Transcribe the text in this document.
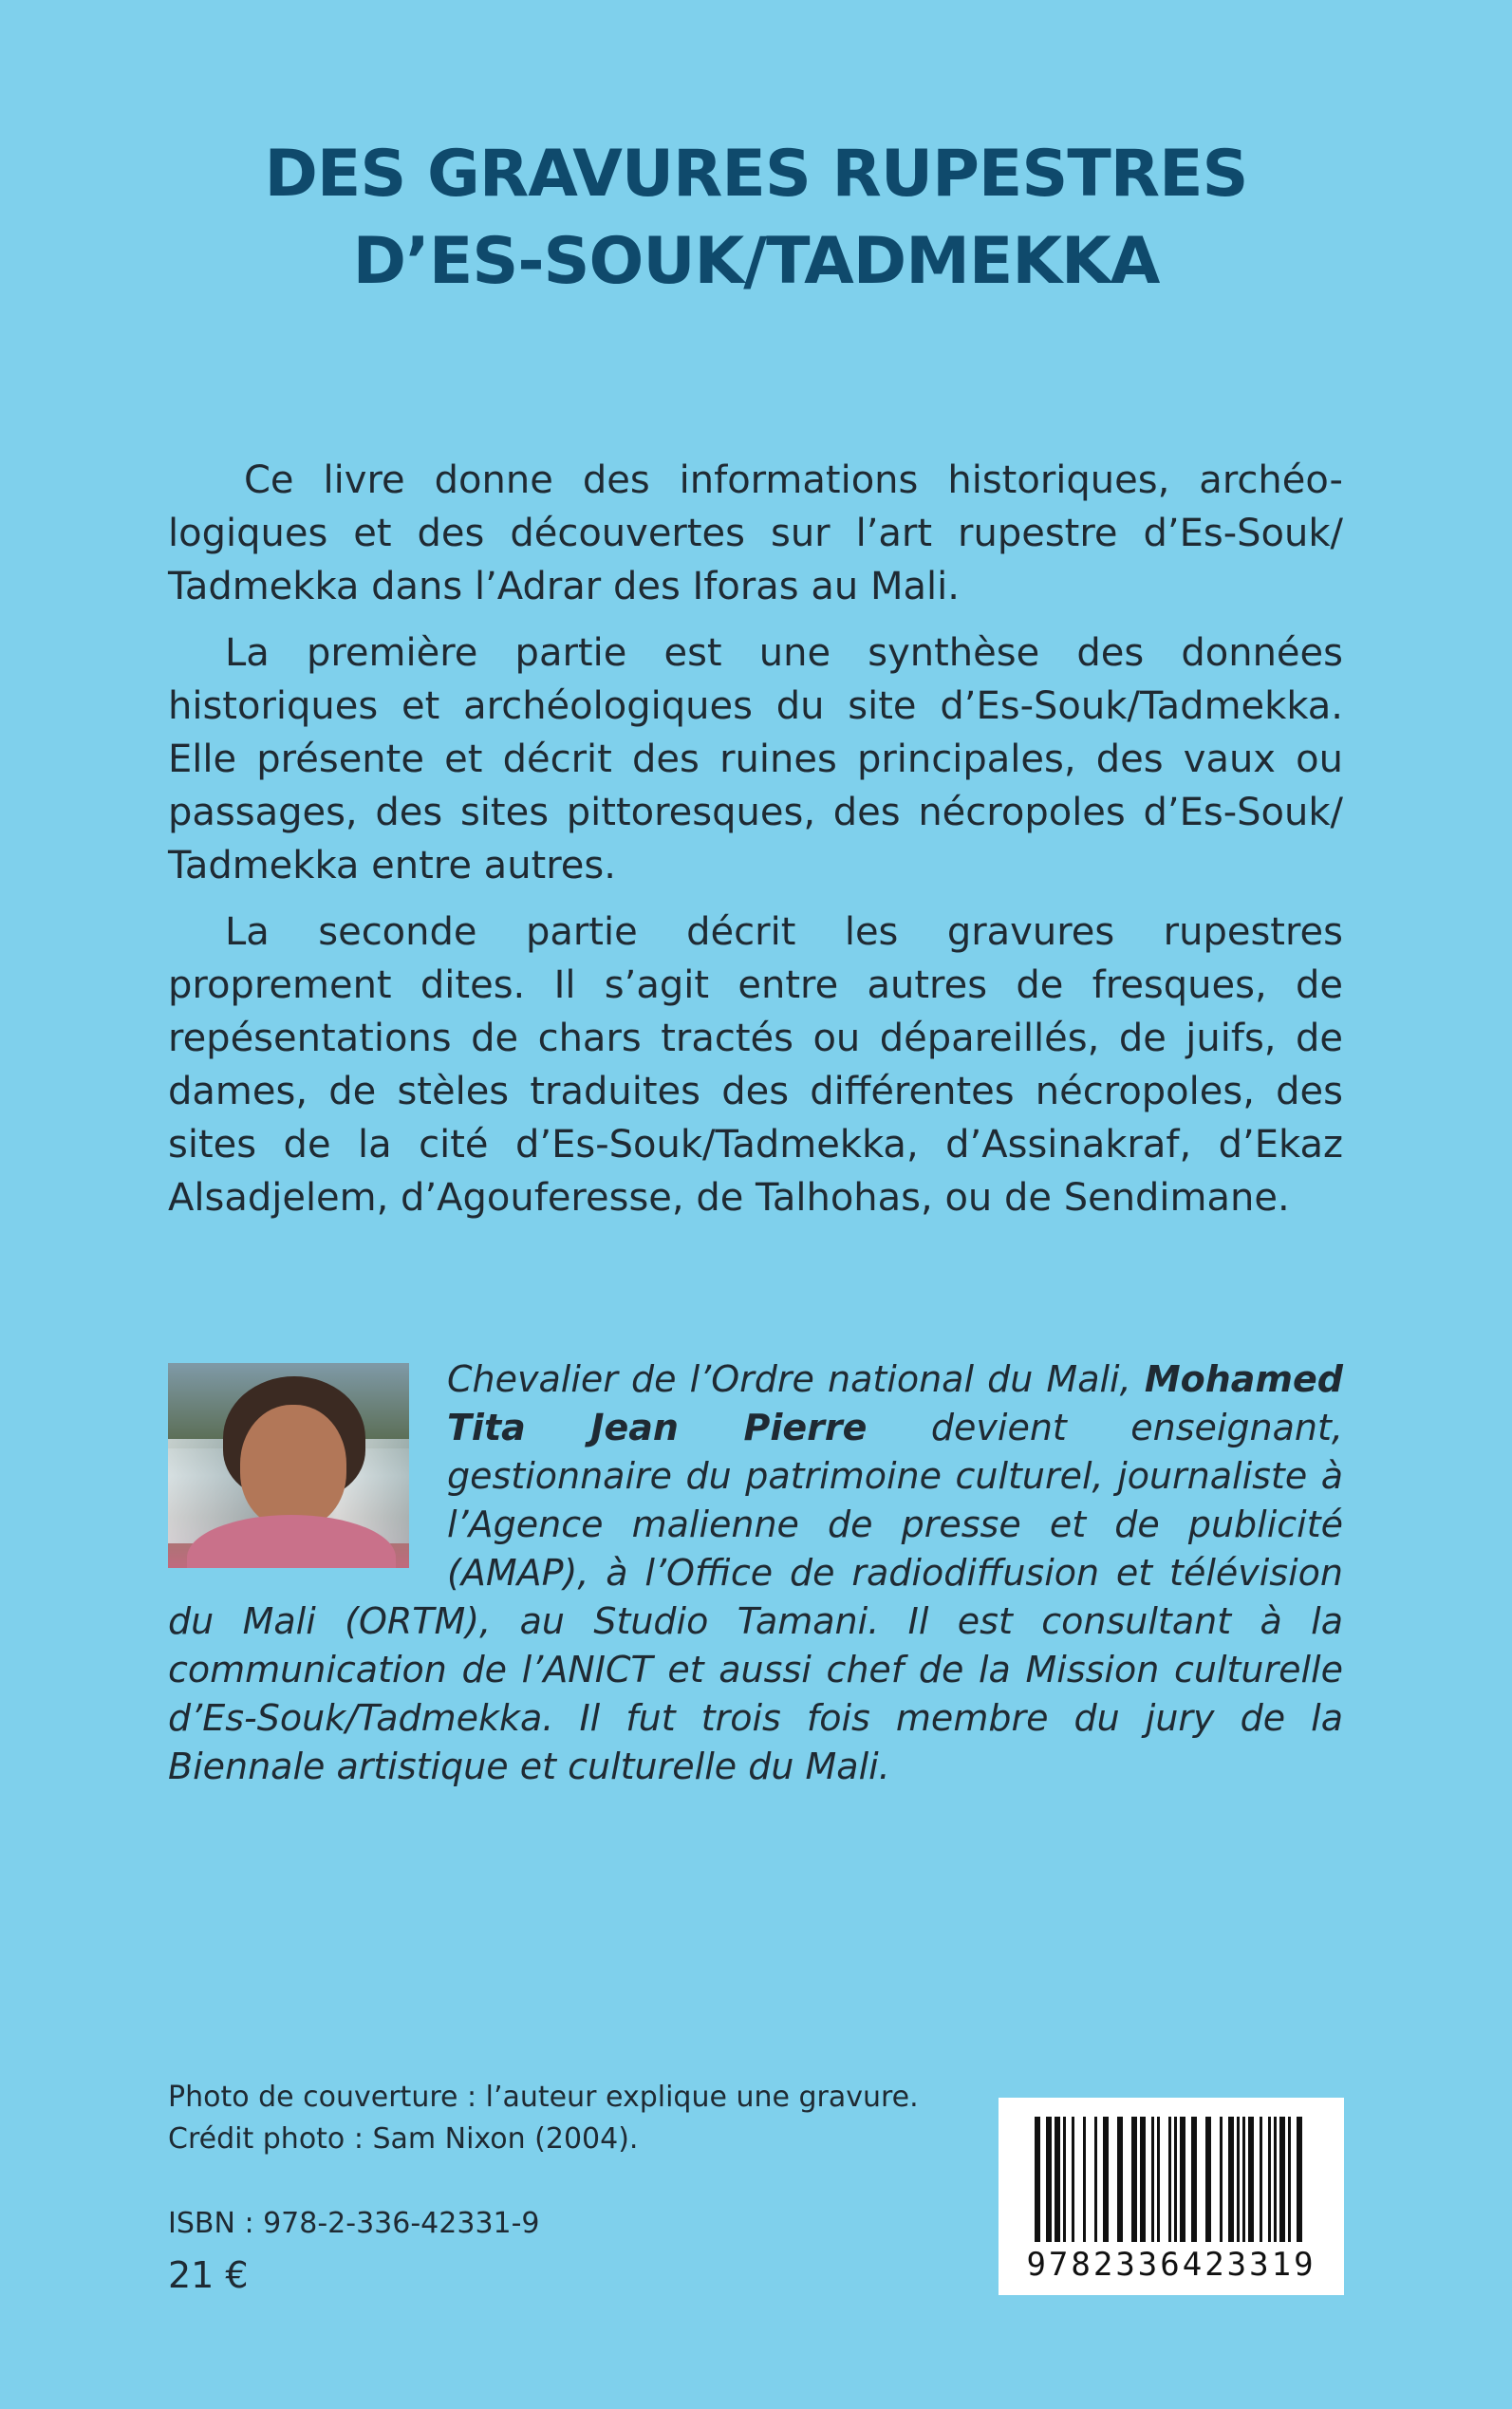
DES GRAVURES RUPESTRES
D’ES-SOUK/TADMEKKA

Ce livre donne des informations historiques, archéo-logiques et des découvertes sur l’art rupestre d’Es-Souk/ Tadmekka dans l’Adrar des Iforas au Mali.

La première partie est une synthèse des données historiques et archéologiques du site d’Es-Souk/Tadmekka. Elle présente et décrit des ruines principales, des vaux ou passages, des sites pittoresques, des nécropoles d’Es-Souk/ Tadmekka entre autres.

La seconde partie décrit les gravures rupestres proprement dites. Il s’agit entre autres de fresques, de repésentations de chars tractés ou dépareillés, de juifs, de dames, de stèles traduites des différentes nécropoles, des sites de la cité d’Es-Souk/Tadmekka, d’Assinakraf, d’Ekaz Alsadjelem, d’Agouferesse, de Talhohas, ou de Sendimane.

Chevalier de l’Ordre national du Mali, Mohamed Tita Jean Pierre devient enseignant, gestionnaire du patrimoine culturel, journaliste à l’Agence malienne de presse et de publicité (AMAP), à l’Office de radiodiffusion et télévision du Mali (ORTM), au Studio Tamani. Il est consultant à la communication de l’ANICT et aussi chef de la Mission culturelle d’Es-Souk/Tadmekka. Il fut trois fois membre du jury de la Biennale artistique et culturelle du Mali.
Photo de couverture : l’auteur explique une gravure.
Crédit photo : Sam Nixon (2004).
ISBN : 978-2-336-42331-9
21 €	9782336423319
